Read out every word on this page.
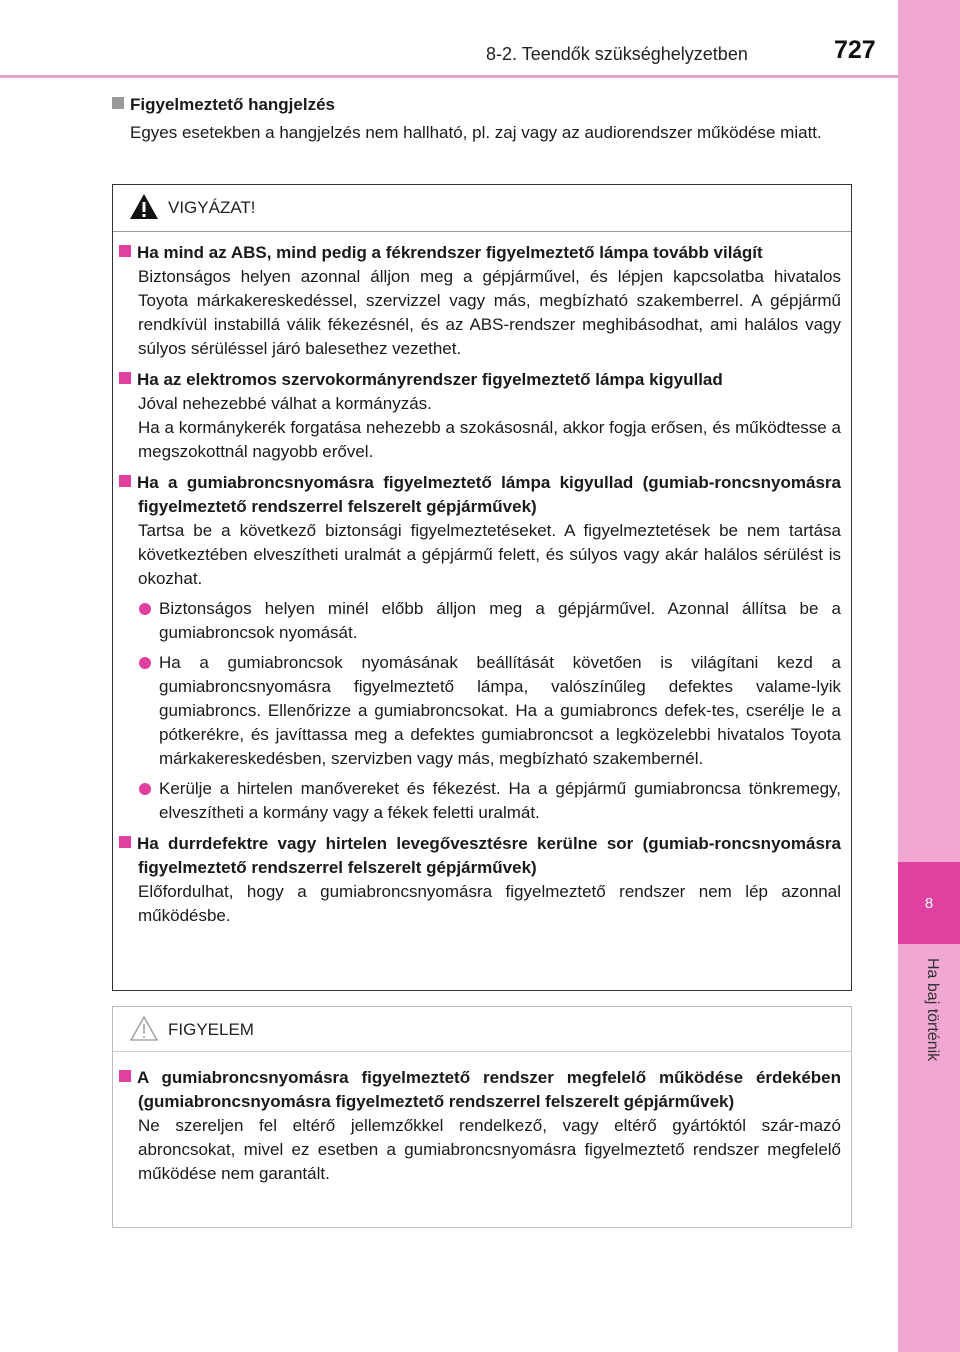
8-2. Teendők szükséghelyzetben	727
8
Ha baj történik
Figyelmeztető hangjelzés
Egyes esetekben a hangjelzés nem hallható, pl. zaj vagy az audiorendszer működése miatt.
VIGYÁZAT!
Ha mind az ABS, mind pedig a fékrendszer figyelmeztető lámpa tovább világít
Biztonságos helyen azonnal álljon meg a gépjárművel, és lépjen kapcsolatba hivatalos Toyota márkakereskedéssel, szervizzel vagy más, megbízható szakemberrel. A gépjármű rendkívül instabillá válik fékezésnél, és az ABS-rendszer meghibásodhat, ami halálos vagy súlyos sérüléssel járó balesethez vezethet.
Ha az elektromos szervokormányrendszer figyelmeztető lámpa kigyullad
Jóval nehezebbé válhat a kormányzás.
Ha a kormánykerék forgatása nehezebb a szokásosnál, akkor fogja erősen, és működtesse a megszokottnál nagyobb erővel.
Ha a gumiabroncsnyomásra figyelmeztető lámpa kigyullad (gumiab-roncsnyomásra figyelmeztető rendszerrel felszerelt gépjárművek)
Tartsa be a következő biztonsági figyelmeztetéseket. A figyelmeztetések be nem tartása következtében elveszítheti uralmát a gépjármű felett, és súlyos vagy akár halálos sérülést is okozhat.
Biztonságos helyen minél előbb álljon meg a gépjárművel. Azonnal állítsa be a gumiabroncsok nyomását.
Ha a gumiabroncsok nyomásának beállítását követően is világítani kezd a gumiabroncsnyomásra figyelmeztető lámpa, valószínűleg defektes valame-lyik gumiabroncs. Ellenőrizze a gumiabroncsokat. Ha a gumiabroncs defek-tes, cserélje le a pótkerékre, és javíttassa meg a defektes gumiabroncsot a legközelebbi hivatalos Toyota márkakereskedésben, szervizben vagy más, megbízható szakembernél.
Kerülje a hirtelen manővereket és fékezést. Ha a gépjármű gumiabroncsa tönkremegy, elveszítheti a kormány vagy a fékek feletti uralmát.
Ha durrdefektre vagy hirtelen levegővesztésre kerülne sor (gumiab-roncsnyomásra figyelmeztető rendszerrel felszerelt gépjárművek)
Előfordulhat, hogy a gumiabroncsnyomásra figyelmeztető rendszer nem lép azonnal működésbe.
FIGYELEM
A gumiabroncsnyomásra figyelmeztető rendszer megfelelő működése érdekében (gumiabroncsnyomásra figyelmeztető rendszerrel felszerelt gépjárművek)
Ne szereljen fel eltérő jellemzőkkel rendelkező, vagy eltérő gyártóktól szár-mazó abroncsokat, mivel ez esetben a gumiabroncsnyomásra figyelmeztető rendszer megfelelő működése nem garantált.
